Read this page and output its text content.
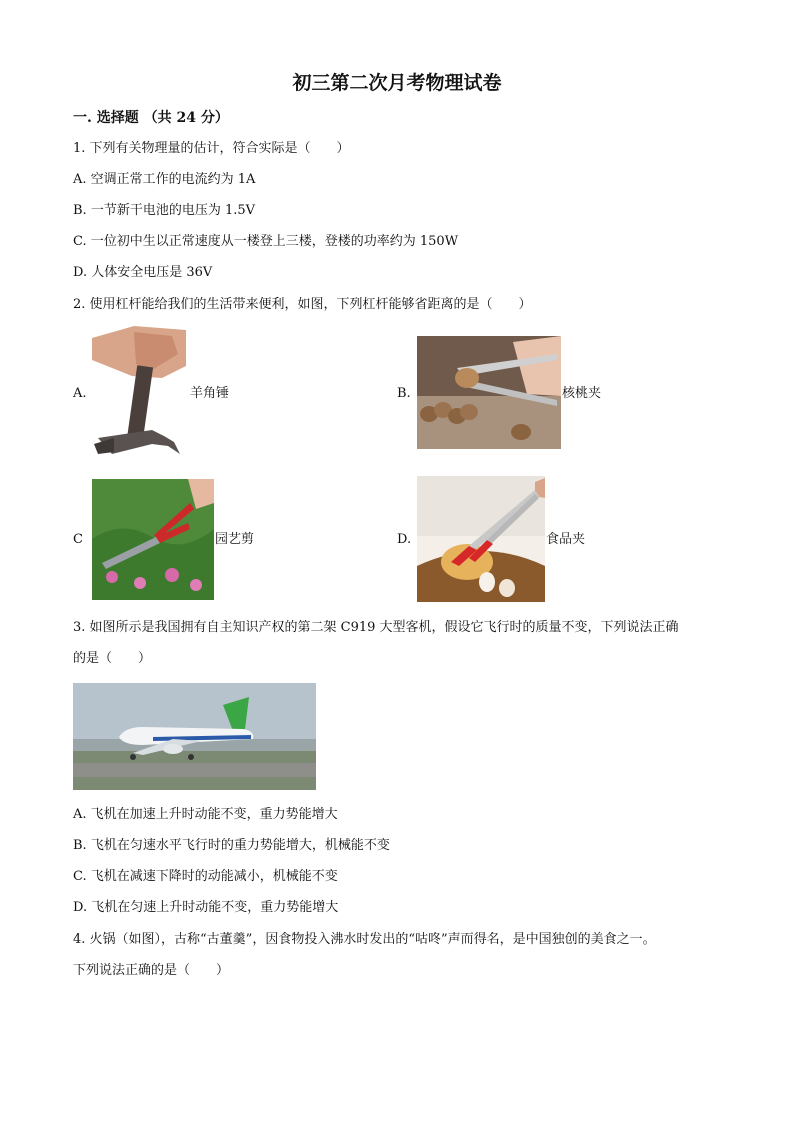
初三第二次月考物理试卷
一. 选择题 （共 24 分）
1. 下列有关物理量的估计，符合实际是（　　）
A. 空调正常工作的电流约为 1A
B. 一节新干电池的电压为 1.5V
C. 一位初中生以正常速度从一楼登上三楼，登楼的功率约为 150W
D. 人体安全电压是 36V
2. 使用杠杆能给我们的生活带来便利，如图，下列杠杆能够省距离的是（　　）
A.	羊角锤	B.	核桃夹
C	园艺剪	D.	食品夹
3. 如图所示是我国拥有自主知识产权的第二架 C919 大型客机，假设它飞行时的质量不变，下列说法正确
的是（　　）
A. 飞机在加速上升时动能不变，重力势能增大
B. 飞机在匀速水平飞行时的重力势能增大，机械能不变
C. 飞机在减速下降时的动能减小，机械能不变
D. 飞机在匀速上升时动能不变，重力势能增大
4. 火锅（如图），古称“古董羹”，因食物投入沸水时发出的“咕咚”声而得名，是中国独创的美食之一。
下列说法正确的是（　　）
